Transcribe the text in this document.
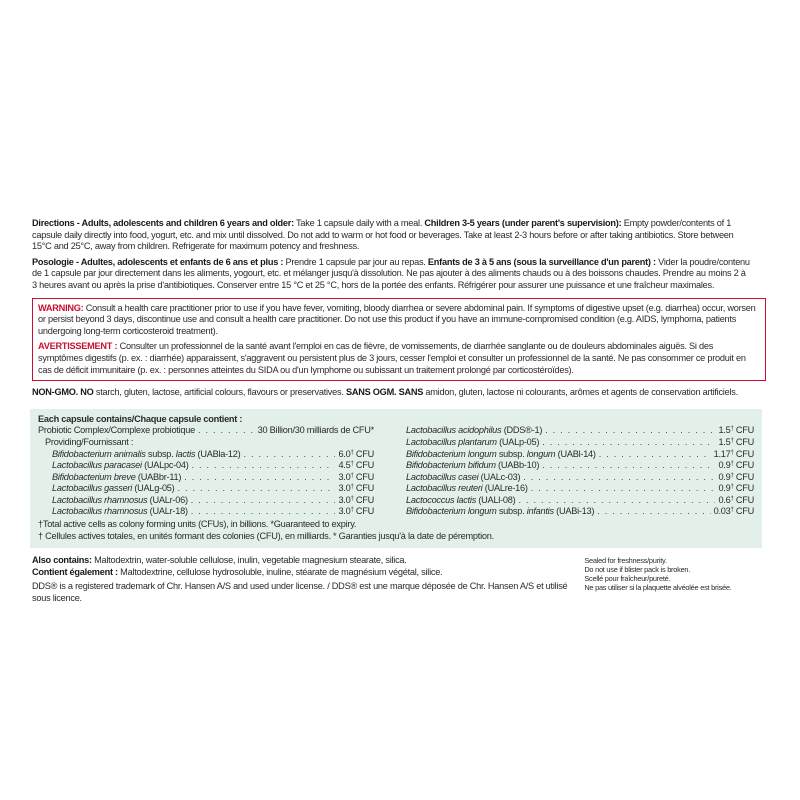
Directions - Adults, adolescents and children 6 years and older: Take 1 capsule daily with a meal. Children 3-5 years (under parent's supervision): Empty powder/contents of 1 capsule daily directly into food, yogurt, etc. and mix until dissolved. Do not add to warm or hot food or beverages. Take at least 2-3 hours before or after taking antibiotics. Store between 15°C and 25°C, away from children. Refrigerate for maximum potency and freshness.

Posologie - Adultes, adolescents et enfants de 6 ans et plus : Prendre 1 capsule par jour au repas. Enfants de 3 à 5 ans (sous la surveillance d'un parent) : Vider la poudre/contenu de 1 capsule par jour directement dans les aliments, yogourt, etc. et mélanger jusqu'à dissolution. Ne pas ajouter à des aliments chauds ou à des boissons chaudes. Prendre au moins 2 à 3 heures avant ou après la prise d'antibiotiques. Conserver entre 15 °C et 25 °C, hors de la portée des enfants. Réfrigérer pour assurer une puissance et une fraîcheur maximales.

WARNING: Consult a health care practitioner prior to use if you have fever, vomiting, bloody diarrhea or severe abdominal pain. If symptoms of digestive upset (e.g. diarrhea) occur, worsen or persist beyond 3 days, discontinue use and consult a health care practitioner. Do not use this product if you have an immune-compromised condition (e.g. AIDS, lymphoma, patients undergoing long-term corticosteroid treatment).

AVERTISSEMENT : Consulter un professionnel de la santé avant l'emploi en cas de fièvre, de vomissements, de diarrhée sanglante ou de douleurs abdominales aiguës. Si des symptômes digestifs (p. ex. : diarrhée) apparaissent, s'aggravent ou persistent plus de 3 jours, cesser l'emploi et consulter un professionnel de la santé. Ne pas consommer ce produit en cas de déficit immunitaire (p. ex. : personnes atteintes du SIDA ou d'un lymphome ou subissant un traitement prolongé par corticostéroïdes).

NON-GMO. NO starch, gluten, lactose, artificial colours, flavours or preservatives. SANS OGM. SANS amidon, gluten, lactose ni colourants, arômes et agents de conservation artificiels.

Each capsule contains/Chaque capsule contient :

Probiotic Complex/Complexe probiotique . . .	30 Billion/30 milliards de CFU*

Providing/Fournissant :

Bifidobacterium animalis subsp. lactis (UABla-12) . . .	6.0† CFU
Lactobacillus paracasei (UALpc-04) . . .	4.5† CFU
Bifidobacterium breve (UABbr-11) . . .	3.0† CFU
Lactobacillus gasseri (UALg-05) . . .	3.0† CFU
Lactobacillus rhamnosus (UALr-06) . . .	3.0† CFU
Lactobacillus rhamnosus (UALr-18) . . .	3.0† CFU
Lactobacillus acidophilus (DDS®-1) . . .	1.5† CFU
Lactobacillus plantarum (UALp-05) . . .	1.5† CFU
Bifidobacterium longum subsp. longum (UABl-14) . . .	1.17† CFU
Bifidobacterium bifidum (UABb-10) . . .	0.9† CFU
Lactobacillus casei (UALc-03) . . .	0.9† CFU
Lactobacillus reuteri (UALre-16) . . .	0.9† CFU
Lactococcus lactis (UALl-08) . . .	0.6† CFU
Bifidobacterium longum subsp. infantis (UABi-13) . . .	0.03† CFU

†Total active cells as colony forming units (CFUs), in billions. *Guaranteed to expiry.

† Cellules actives totales, en unités formant des colonies (CFU), en milliards. * Garanties jusqu'à la date de péremption.

Also contains: Maltodextrin, water-soluble cellulose, inulin, vegetable magnesium stearate, silica.

Contient également : Maltodextrine, cellulose hydrosoluble, inuline, stéarate de magnésium végétal, silice.

DDS® is a registered trademark of Chr. Hansen A/S and used under license. / DDS® est une marque déposée de Chr. Hansen A/S et utilisé sous licence.

Sealed for freshness/purity.

Do not use if blister pack is broken.

Scellé pour fraîcheur/pureté.

Ne pas utiliser si la plaquette alvéolée est brisée.
